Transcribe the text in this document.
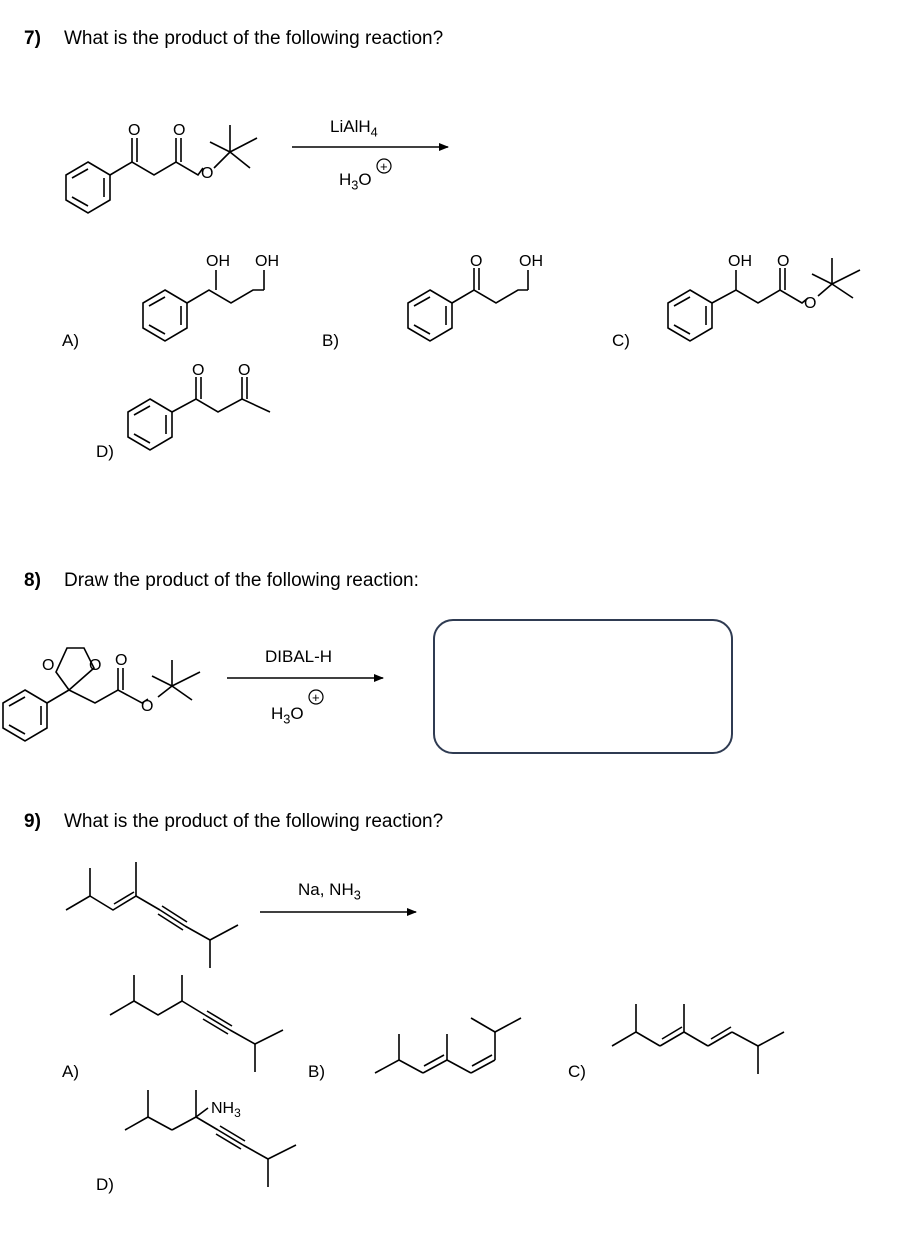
7) What is the product of the following reaction?
8) Draw the product of the following reaction:
9) What is the product of the following reaction?
LiAlH$_4$
$H_3O$
A)	B)	C)
D)
DIBAL-H
$H_3O$
Na, $NH_3$
A)	B)	C)
D)
O O
O	+
OH OH	O OH	OH O
O
O O
O O O
O
+
$NH_3$
